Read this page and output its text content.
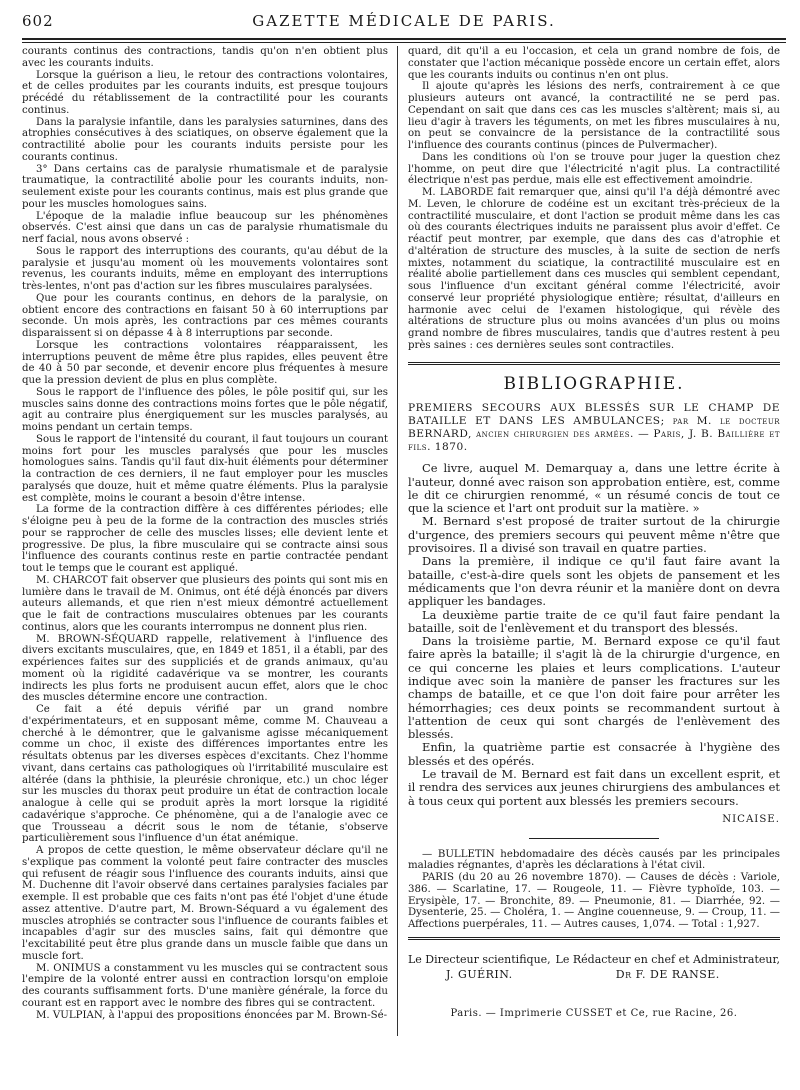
602	GAZETTE MÉDICALE DE PARIS.

courants continus des contractions, tandis qu'on n'en obtient plus avec les courants induits.

Lorsque la guérison a lieu, le retour des contractions volontaires, et de celles produites par les courants induits, est presque toujours précédé du rétablissement de la contractilité pour les courants continus.

Dans la paralysie infantile, dans les paralysies saturnines, dans des atrophies consécutives à des sciatiques, on observe également que la contractilité abolie pour les courants induits persiste pour les courants continus.

3° Dans certains cas de paralysie rhumatismale et de paralysie traumatique, la contractilité abolie pour les courants induits, non-seulement existe pour les courants continus, mais est plus grande que pour les muscles homologues sains.

L'époque de la maladie influe beaucoup sur les phénomènes observés. C'est ainsi que dans un cas de paralysie rhumatismale du nerf facial, nous avons observé :

Sous le rapport des interruptions des courants, qu'au début de la paralysie et jusqu'au moment où les mouvements volontaires sont revenus, les courants induits, même en employant des interruptions très-lentes, n'ont pas d'action sur les fibres musculaires paralysées.

Que pour les courants continus, en dehors de la paralysie, on obtient encore des contractions en faisant 50 à 60 interruptions par seconde. Un mois après, les contractions par ces mêmes courants disparaissent si on dépasse 4 à 8 interruptions par seconde.

Lorsque les contractions volontaires réapparaissent, les interruptions peuvent de même être plus rapides, elles peuvent être de 40 à 50 par seconde, et devenir encore plus fréquentes à mesure que la pression devient de plus en plus complète.

Sous le rapport de l'influence des pôles, le pôle positif qui, sur les muscles sains donne des contractions moins fortes que le pôle négatif, agit au contraire plus énergiquement sur les muscles paralysés, au moins pendant un certain temps.

Sous le rapport de l'intensité du courant, il faut toujours un courant moins fort pour les muscles paralysés que pour les muscles homologues sains. Tandis qu'il faut dix-huit éléments pour déterminer la contraction de ces derniers, il ne faut employer pour les muscles paralysés que douze, huit et même quatre éléments. Plus la paralysie est complète, moins le courant a besoin d'être intense.

La forme de la contraction diffère à ces différentes périodes; elle s'éloigne peu à peu de la forme de la contraction des muscles striés pour se rapprocher de celle des muscles lisses; elle devient lente et progressive. De plus, la fibre musculaire qui se contracte ainsi sous l'influence des courants continus reste en partie contractée pendant tout le temps que le courant est appliqué.

M. CHARCOT fait observer que plusieurs des points qui sont mis en lumière dans le travail de M. Onimus, ont été déjà énoncés par divers auteurs allemands, et que rien n'est mieux démontré actuellement que le fait de contractions musculaires obtenues par les courants continus, alors que les courants interrompus ne donnent plus rien.

M. BROWN-SÉQUARD rappelle, relativement à l'influence des divers excitants musculaires, que, en 1849 et 1851, il a établi, par des expériences faites sur des suppliciés et de grands animaux, qu'au moment où la rigidité cadavérique va se montrer, les courants indirects les plus forts ne produisent aucun effet, alors que le choc des muscles détermine encore une contraction.

Ce fait a été depuis vérifié par un grand nombre d'expérimentateurs, et en supposant même, comme M. Chauveau a cherché à le démontrer, que le galvanisme agisse mécaniquement comme un choc, il existe des différences importantes entre les résultats obtenus par les diverses espèces d'excitants. Chez l'homme vivant, dans certains cas pathologiques où l'irritabilité musculaire est altérée (dans la phthisie, la pleurésie chronique, etc.) un choc léger sur les muscles du thorax peut produire un état de contraction locale analogue à celle qui se produit après la mort lorsque la rigidité cadavérique s'approche. Ce phénomène, qui a de l'analogie avec ce que Trousseau a décrit sous le nom de tétanie, s'observe particulièrement sous l'influence d'un état anémique.

A propos de cette question, le même observateur déclare qu'il ne s'explique pas comment la volonté peut faire contracter des muscles qui refusent de réagir sous l'influence des courants induits, ainsi que M. Duchenne dit l'avoir observé dans certaines paralysies faciales par exemple. Il est probable que ces faits n'ont pas été l'objet d'une étude assez attentive. D'autre part, M. Brown-Séquard a vu également des muscles atrophiés se contracter sous l'influence de courants faibles et incapables d'agir sur des muscles sains, fait qui démontre que l'excitabilité peut être plus grande dans un muscle faible que dans un muscle fort.

M. ONIMUS a constamment vu les muscles qui se contractent sous l'empire de la volonté entrer aussi en contraction lorsqu'on emploie des courants suffisamment forts. D'une manière générale, la force du courant est en rapport avec le nombre des fibres qui se contractent.

M. VULPIAN, à l'appui des propositions énoncées par M. Brown-Sé-

quard, dit qu'il a eu l'occasion, et cela un grand nombre de fois, de constater que l'action mécanique possède encore un certain effet, alors que les courants induits ou continus n'en ont plus.

Il ajoute qu'après les lésions des nerfs, contrairement à ce que plusieurs auteurs ont avancé, la contractilité ne se perd pas. Cependant on sait que dans ces cas les muscles s'altèrent; mais si, au lieu d'agir à travers les téguments, on met les fibres musculaires à nu, on peut se convaincre de la persistance de la contractilité sous l'influence des courants continus (pinces de Pulvermacher).

Dans les conditions où l'on se trouve pour juger la question chez l'homme, on peut dire que l'électricité n'agit plus. La contractilité électrique n'est pas perdue, mais elle est effectivement amoindrie.

M. LABORDE fait remarquer que, ainsi qu'il l'a déjà démontré avec M. Leven, le chlorure de codéine est un excitant très-précieux de la contractilité musculaire, et dont l'action se produit même dans les cas où des courants électriques induits ne paraissent plus avoir d'effet. Ce réactif peut montrer, par exemple, que dans des cas d'atrophie et d'altération de structure des muscles, à la suite de section de nerfs mixtes, notamment du sciatique, la contractilité musculaire est en réalité abolie partiellement dans ces muscles qui semblent cependant, sous l'influence d'un excitant général comme l'électricité, avoir conservé leur propriété physiologique entière; résultat, d'ailleurs en harmonie avec celui de l'examen histologique, qui révèle des altérations de structure plus ou moins avancées d'un plus ou moins grand nombre de fibres musculaires, tandis que d'autres restent à peu près saines : ces dernières seules sont contractiles.

BIBLIOGRAPHIE.

PREMIERS SECOURS AUX BLESSÉS SUR LE CHAMP DE BATAILLE ET DANS LES AMBULANCES; par M. le docteur BERNARD, ancien chirurgien des armées. — Paris, J. B. Baillière et fils. 1870.

Ce livre, auquel M. Demarquay a, dans une lettre écrite à l'auteur, donné avec raison son approbation entière, est, comme le dit ce chirurgien renommé, « un résumé concis de tout ce que la science et l'art ont produit sur la matière. »

M. Bernard s'est proposé de traiter surtout de la chirurgie d'urgence, des premiers secours qui peuvent même n'être que provisoires. Il a divisé son travail en quatre parties.

Dans la première, il indique ce qu'il faut faire avant la bataille, c'est-à-dire quels sont les objets de pansement et les médicaments que l'on devra réunir et la manière dont on devra appliquer les bandages.

La deuxième partie traite de ce qu'il faut faire pendant la bataille, soit de l'enlèvement et du transport des blessés.

Dans la troisième partie, M. Bernard expose ce qu'il faut faire après la bataille; il s'agit là de la chirurgie d'urgence, en ce qui concerne les plaies et leurs complications. L'auteur indique avec soin la manière de panser les fractures sur les champs de bataille, et ce que l'on doit faire pour arrêter les hémorrhagies; ces deux points se recommandent surtout à l'attention de ceux qui sont chargés de l'enlèvement des blessés.

Enfin, la quatrième partie est consacrée à l'hygiène des blessés et des opérés.

Le travail de M. Bernard est fait dans un excellent esprit, et il rendra des services aux jeunes chirurgiens des ambulances et à tous ceux qui portent aux blessés les premiers secours.

NICAISE.

— BULLETIN hebdomadaire des décès causés par les principales maladies régnantes, d'après les déclarations à l'état civil.

PARIS (du 20 au 26 novembre 1870). — Causes de décès : Variole, 386. — Scarlatine, 17. — Rougeole, 11. — Fièvre typhoïde, 103. — Erysipèle, 17. — Bronchite, 89. — Pneumonie, 81. — Diarrhée, 92. — Dysenterie, 25. — Choléra, 1. — Angine couenneuse, 9. — Croup, 11. — Affections puerpérales, 11. — Autres causes, 1,074. — Total : 1,927.

Le Directeur scientifique,
J. GUÉRIN.
Le Rédacteur en chef et Administrateur,
Dr F. DE RANSE.
Paris. — Imprimerie CUSSET et Ce, rue Racine, 26.
